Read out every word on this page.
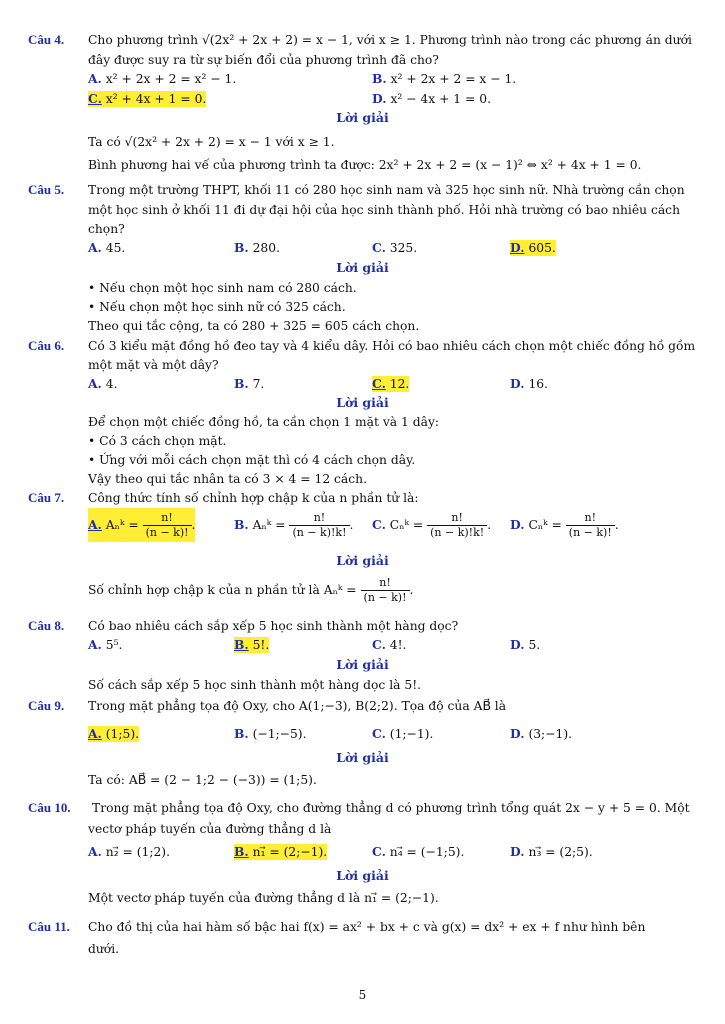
Câu 4. Cho phương trình √(2x² + 2x + 2) = x − 1, với x ≥ 1. Phương trình nào trong các phương án dưới
đây được suy ra từ sự biến đổi của phương trình đã cho?
A. x² + 2x + 2 = x² − 1.	B. x² + 2x + 2 = x − 1.
C. x² + 4x + 1 = 0.	D. x² − 4x + 1 = 0.
Lời giải
Ta có √(2x² + 2x + 2) = x − 1 với x ≥ 1.
Bình phương hai vế của phương trình ta được: 2x² + 2x + 2 = (x − 1)² ⇔ x² + 4x + 1 = 0.
Câu 5. Trong một trường THPT, khối 11 có 280 học sinh nam và 325 học sinh nữ. Nhà trường cần chọn
một học sinh ở khối 11 đi dự đại hội của học sinh thành phố. Hỏi nhà trường có bao nhiêu cách
chọn?
A. 45.	B. 280.	C. 325.	D. 605.
Lời giải
• Nếu chọn một học sinh nam có 280 cách.
• Nếu chọn một học sinh nữ có 325 cách.
Theo qui tắc cộng, ta có 280 + 325 = 605 cách chọn.
Câu 6. Có 3 kiểu mặt đồng hồ đeo tay và 4 kiểu dây. Hỏi có bao nhiêu cách chọn một chiếc đồng hồ gồm
một mặt và một dây?
A. 4.	B. 7.	C. 12.	D. 16.
Lời giải
Để chọn một chiếc đồng hồ, ta cần chọn 1 mặt và 1 dây:
• Có 3 cách chọn mặt.
• Ứng với mỗi cách chọn mặt thì có 4 cách chọn dây.
Vậy theo qui tắc nhân ta có 3 × 4 = 12 cách.
Câu 7. Công thức tính số chỉnh hợp chập k của n phần tử là:
A. Aₙᵏ = $\frac{n!}{(n - k)!}$ .	B. Aₙᵏ = $\frac{n!}{(n - k)!k!}$ . C. Cₙᵏ = $\frac{n!}{(n - k)!k!}$ . D. Cₙᵏ = $\frac{n!}{(n - k)!}$ .
Lời giải
Số chỉnh hợp chập k của n phần tử là Aₙᵏ = $\frac{n!}{(n - k)!}$ .
Câu 8. Có bao nhiêu cách sắp xếp 5 học sinh thành một hàng dọc?
A. 5⁵.	B. 5!.	C. 4!.	D. 5.
Lời giải
Số cách sắp xếp 5 học sinh thành một hàng dọc là 5!.
Câu 9. Trong mặt phẳng tọa độ Oxy, cho A(1;−3), B(2;2). Tọa độ của AB⃗ là
A. (1;5).	B. (−1;−5).	C. (1;−1).	D. (3;−1).
Lời giải
Ta có: AB⃗ = (2 − 1;2 − (−3)) = (1;5).
Câu 10. Trong mặt phẳng tọa độ Oxy, cho đường thẳng d có phương trình tổng quát 2x − y + 5 = 0. Một
vectơ pháp tuyến của đường thẳng d là
A. n₂⃗ = (1;2).	B. n₁⃗ = (2;−1).	C. n₄⃗ = (−1;5).	D. n₃⃗ = (2;5).
Lời giải
Một vectơ pháp tuyến của đường thẳng d là n₁⃗ = (2;−1).
Câu 11. Cho đồ thị của hai hàm số bậc hai f(x) = ax² + bx + c và g(x) = dx² + ex + f như hình bên
dưới.
5
